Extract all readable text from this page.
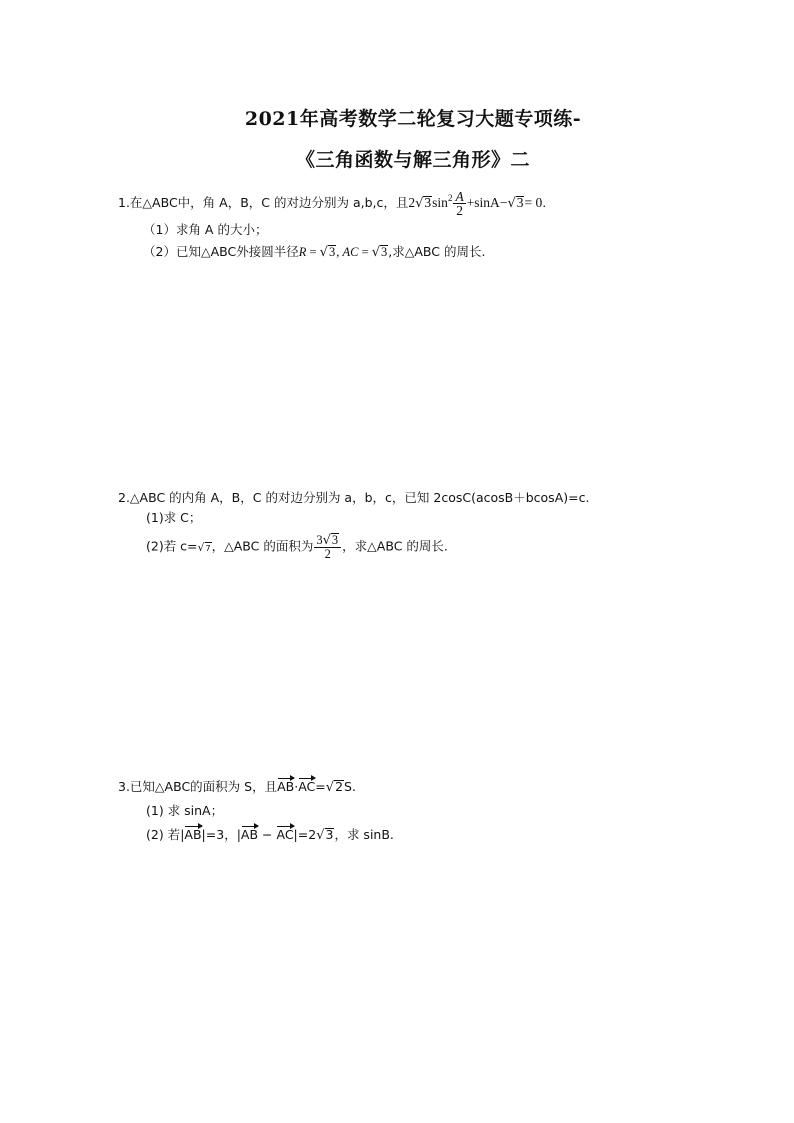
2021年高考数学二轮复习大题专项练-
《三角函数与解三角形》二
1.在△ABC中，角 A，B，C 的对边分别为 a,b,c，且$2√3\sin^2 \frac{A}{2} +\sin A-√3= 0$.
（1）求角 A 的大小；
（2）已知△ABC外接圆半径R = √3, AC = √3,求△ABC 的周长.
2.△ABC 的内角 A，B，C 的对边分别为 a，b，c，已知 2cosC(acosB＋bcosA)=c.
(1)求 C；
(2)若 c=√7，△ABC 的面积为 $\frac{3√3}{2}$ ，求△ABC 的周长.
3.已知△ABC的面积为 S，且AB·AC=√2S.
(1) 求 sinA；
(2) 若|AB|=3，|AB − AC|=2√3，求 sinB.
